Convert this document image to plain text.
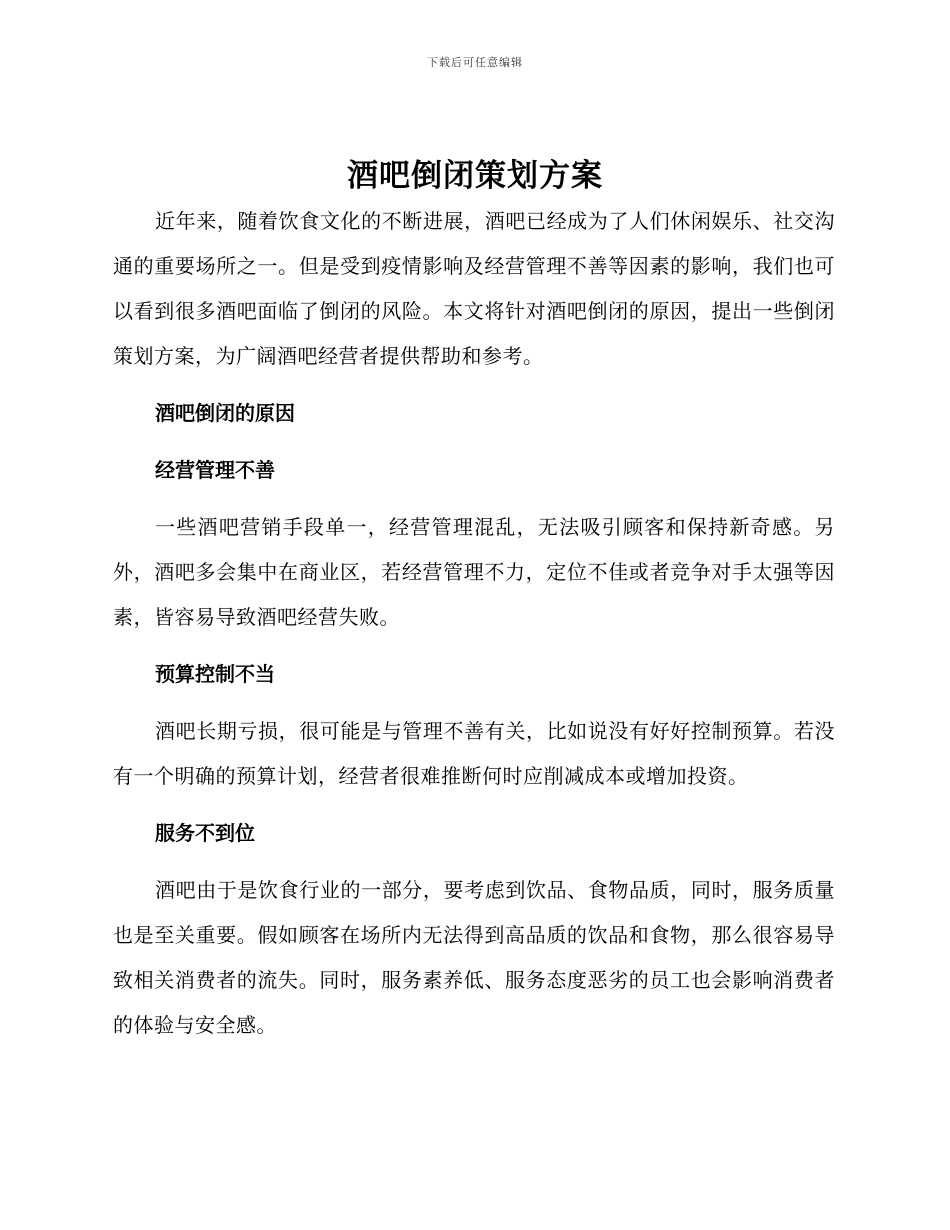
下载后可任意编辑
酒吧倒闭策划方案

近年来，随着饮食文化的不断进展，酒吧已经成为了人们休闲娱乐、社交沟通的重要场所之一。但是受到疫情影响及经营管理不善等因素的影响，我们也可以看到很多酒吧面临了倒闭的风险。本文将针对酒吧倒闭的原因，提出一些倒闭策划方案，为广阔酒吧经营者提供帮助和参考。

酒吧倒闭的原因

经营管理不善

一些酒吧营销手段单一，经营管理混乱，无法吸引顾客和保持新奇感。另外，酒吧多会集中在商业区，若经营管理不力，定位不佳或者竞争对手太强等因素，皆容易导致酒吧经营失败。

预算控制不当

酒吧长期亏损，很可能是与管理不善有关，比如说没有好好控制预算。若没有一个明确的预算计划，经营者很难推断何时应削减成本或增加投资。

服务不到位

酒吧由于是饮食行业的一部分，要考虑到饮品、食物品质，同时，服务质量也是至关重要。假如顾客在场所内无法得到高品质的饮品和食物，那么很容易导致相关消费者的流失。同时，服务素养低、服务态度恶劣的员工也会影响消费者的体验与安全感。
